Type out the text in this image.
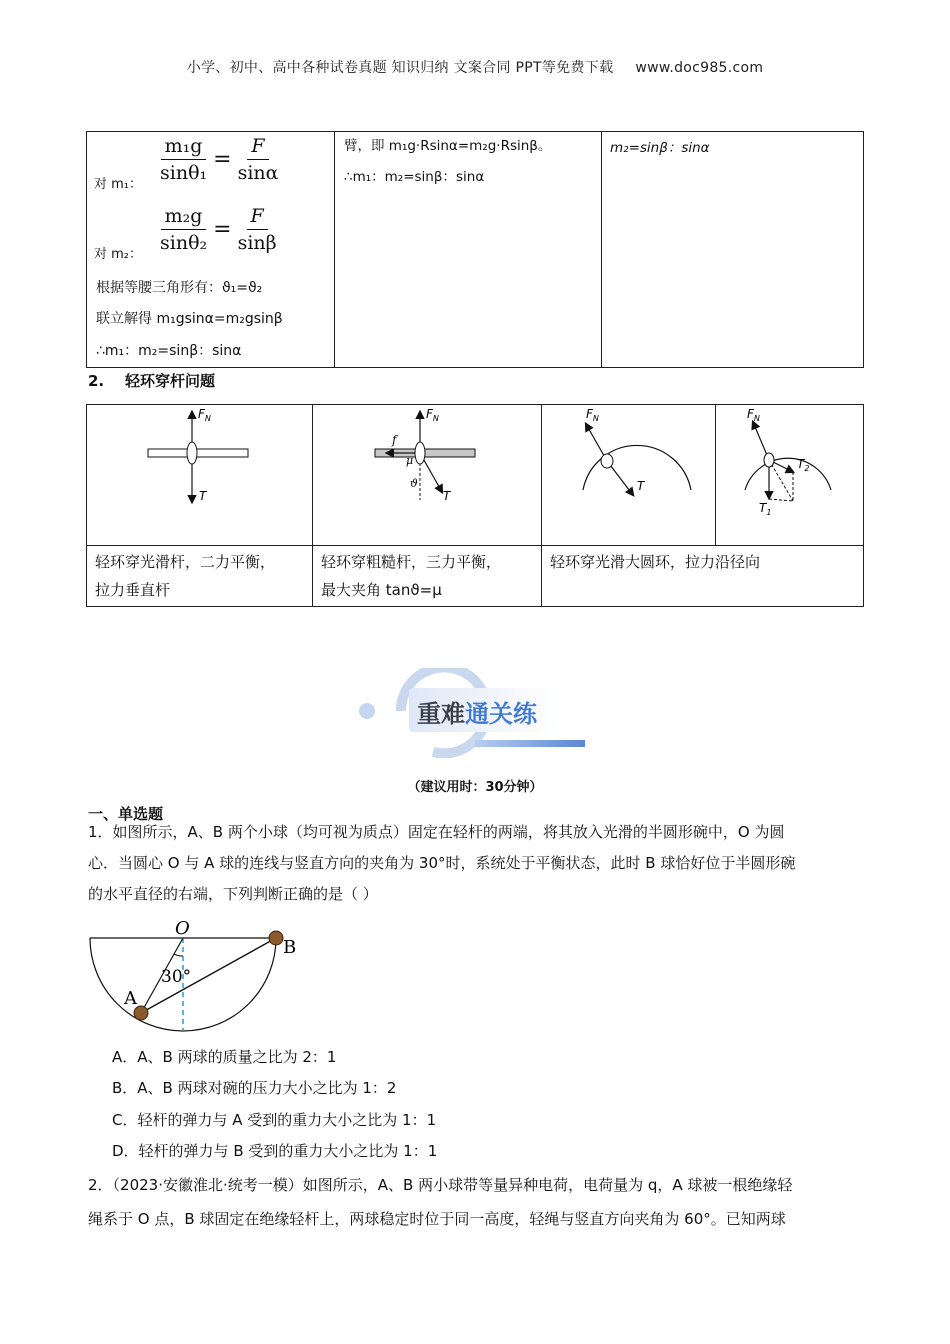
小学、初中、高中各种试卷真题 知识归纳 文案合同 PPT等免费下载 www.doc985.com
对 m₁：
$\frac{\text{m₁g}}{\text{sinθ₁}} = \frac{F}{\sin\alpha}$
对 m₂：
$\frac{\text{m₂g}}{\text{sinθ₂}} = \frac{F}{\sin\beta}$
根据等腰三角形有：ϑ₁=ϑ₂
联立解得 m₁gsinα=m₂gsinβ
∴m₁：m₂=sinβ：sinα
臂，即 m₁g·Rsinα=m₂g·Rsinβ。
∴m₁：m₂=sinβ：sinα
m₂=sinβ：sinα
2.    轻环穿杆问题
$F_N$
T
$F_N$
f
μ
ϑ
T
$F_N$
T
$F_N$
$T_2$
$T_1$
轻环穿光滑杆，二力平衡，
拉力垂直杆
轻环穿粗糙杆，三力平衡，
最大夹角 tanϑ=μ
轻环穿光滑大圆环，拉力沿径向
重难通关练
（建议用时：30分钟）
一、单选题
1．如图所示，A、B 两个小球（均可视为质点）固定在轻杆的两端，将其放入光滑的半圆形碗中，O 为圆
心．当圆心 O 与 A 球的连线与竖直方向的夹角为 30°时，系统处于平衡状态，此时 B 球恰好位于半圆形碗
的水平直径的右端，下列判断正确的是（ ）
O
B
A
30°
A．A、B 两球的质量之比为 2：1
B．A、B 两球对碗的压力大小之比为 1：2
C．轻杆的弹力与 A 受到的重力大小之比为 1：1
D．轻杆的弹力与 B 受到的重力大小之比为 1：1
2．（2023·安徽淮北·统考一模）如图所示，A、B 两小球带等量异种电荷，电荷量为 q，A 球被一根绝缘轻
绳系于 O 点，B 球固定在绝缘轻杆上，两球稳定时位于同一高度，轻绳与竖直方向夹角为 60°。已知两球
